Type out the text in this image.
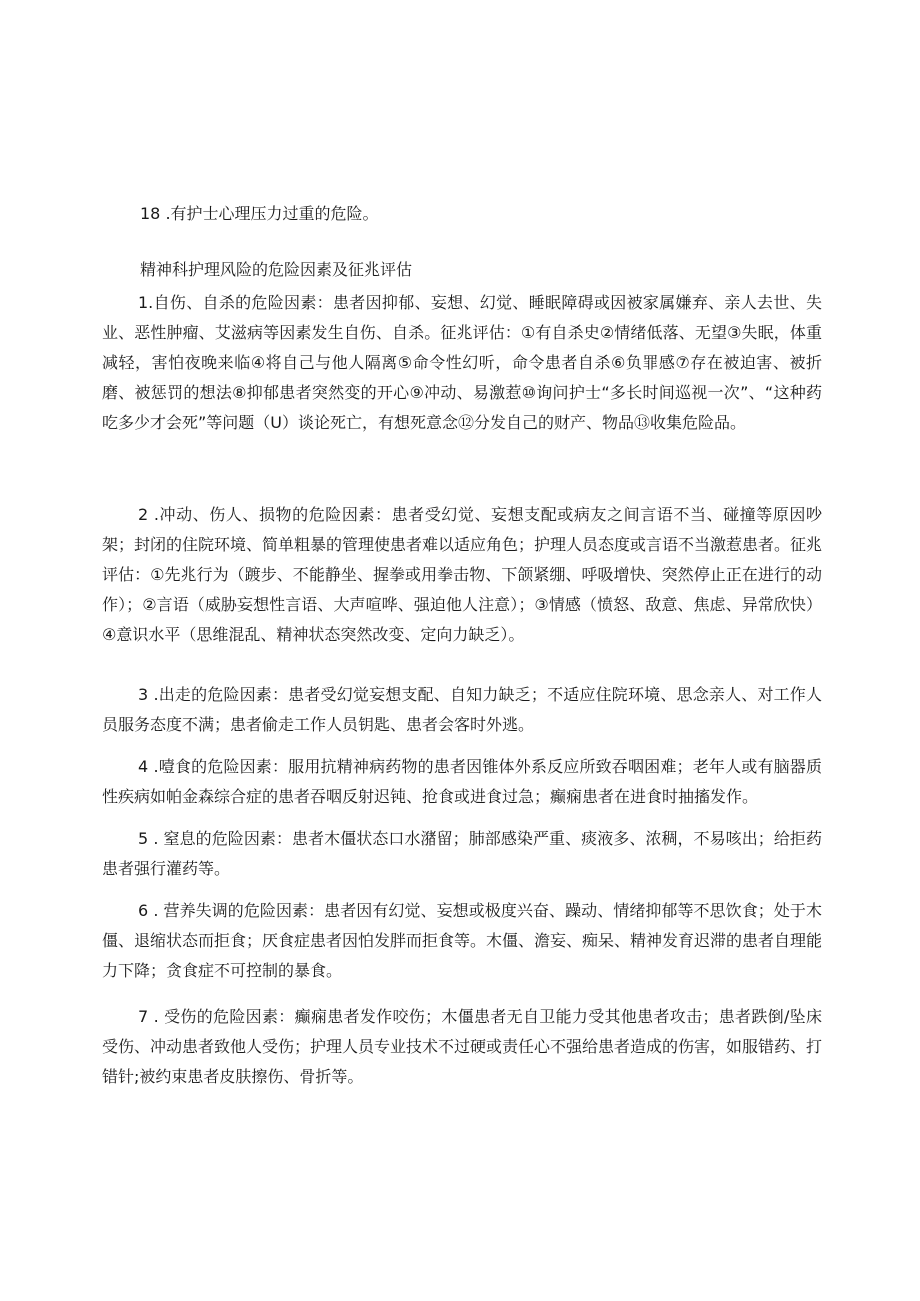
18 .有护士心理压力过重的危险。
精神科护理风险的危险因素及征兆评估

1.自伤、自杀的危险因素：患者因抑郁、妄想、幻觉、睡眠障碍或因被家属嫌弃、亲人去世、失业、恶性肿瘤、艾滋病等因素发生自伤、自杀。征兆评估：①有自杀史②情绪低落、无望③失眠，体重减轻，害怕夜晚来临④将自己与他人隔离⑤命令性幻听，命令患者自杀⑥负罪感⑦存在被迫害、被折磨、被惩罚的想法⑧抑郁患者突然变的开心⑨冲动、易激惹⑩询问护士“多长时间巡视一次”、“这种药吃多少才会死”等问题（U）谈论死亡，有想死意念⑫分发自己的财产、物品⑬收集危险品。

2 .冲动、伤人、损物的危险因素：患者受幻觉、妄想支配或病友之间言语不当、碰撞等原因吵架；封闭的住院环境、简单粗暴的管理使患者难以适应角色；护理人员态度或言语不当激惹患者。征兆评估：①先兆行为（踱步、不能静坐、握拳或用拳击物、下颌紧绷、呼吸增快、突然停止正在进行的动作）；②言语（威胁妄想性言语、大声喧哗、强迫他人注意）；③情感（愤怒、敌意、焦虑、异常欣快）④意识水平（思维混乱、精神状态突然改变、定向力缺乏）。

3 .出走的危险因素：患者受幻觉妄想支配、自知力缺乏；不适应住院环境、思念亲人、对工作人员服务态度不满；患者偷走工作人员钥匙、患者会客时外逃。

4 .噎食的危险因素：服用抗精神病药物的患者因锥体外系反应所致吞咽困难；老年人或有脑器质性疾病如帕金森综合症的患者吞咽反射迟钝、抢食或进食过急；癫痫患者在进食时抽搐发作。

5 . 窒息的危险因素：患者木僵状态口水潴留；肺部感染严重、痰液多、浓稠，不易咳出；给拒药患者强行灌药等。

6 . 营养失调的危险因素：患者因有幻觉、妄想或极度兴奋、躁动、情绪抑郁等不思饮食；处于木僵、退缩状态而拒食；厌食症患者因怕发胖而拒食等。木僵、澹妄、痴呆、精神发育迟滞的患者自理能力下降；贪食症不可控制的暴食。

7 . 受伤的危险因素：癫痫患者发作咬伤；木僵患者无自卫能力受其他患者攻击；患者跌倒/坠床受伤、冲动患者致他人受伤；护理人员专业技术不过硬或责任心不强给患者造成的伤害，如服错药、打错针;被约束患者皮肤擦伤、骨折等。
